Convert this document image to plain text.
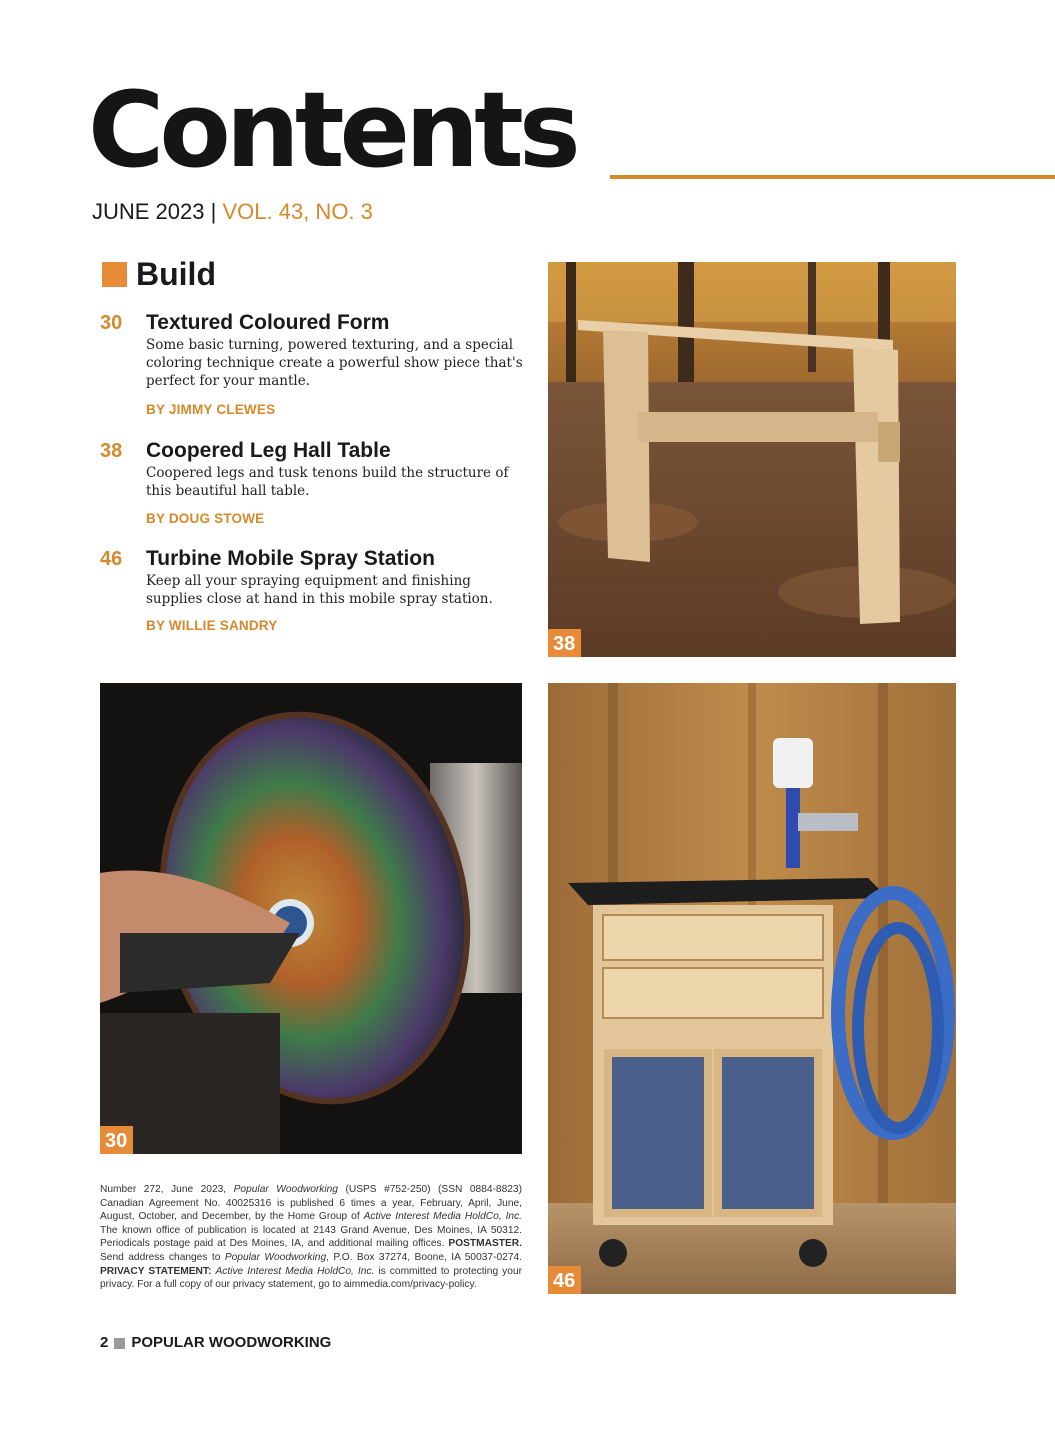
Contents
JUNE 2023 | VOL. 43, NO. 3
Build
30 Textured Coloured Form
Some basic turning, powered texturing, and a special coloring technique create a powerful show piece that's perfect for your mantle.
BY JIMMY CLEWES
38 Coopered Leg Hall Table
Coopered legs and tusk tenons build the structure of this beautiful hall table.
BY DOUG STOWE
46 Turbine Mobile Spray Station
Keep all your spraying equipment and finishing supplies close at hand in this mobile spray station.
BY WILLIE SANDRY
38
30
46
Number 272, June 2023, Popular Woodworking (USPS #752-250) (SSN 0884-8823) Canadian Agreement No. 40025316 is published 6 times a year, February, April, June, August, October, and December, by the Home Group of Active Interest Media HoldCo, Inc. The known office of publication is located at 2143 Grand Avenue, Des Moines, IA 50312. Periodicals postage paid at Des Moines, IA, and additional mailing offices. POSTMASTER. Send address changes to Popular Woodworking, P.O. Box 37274, Boone, IA 50037-0274. PRIVACY STATEMENT: Active Interest Media HoldCo, Inc. is committed to protecting your privacy. For a full copy of our privacy statement, go to aimmedia.com/privacy-policy.
2 POPULAR WOODWORKING
